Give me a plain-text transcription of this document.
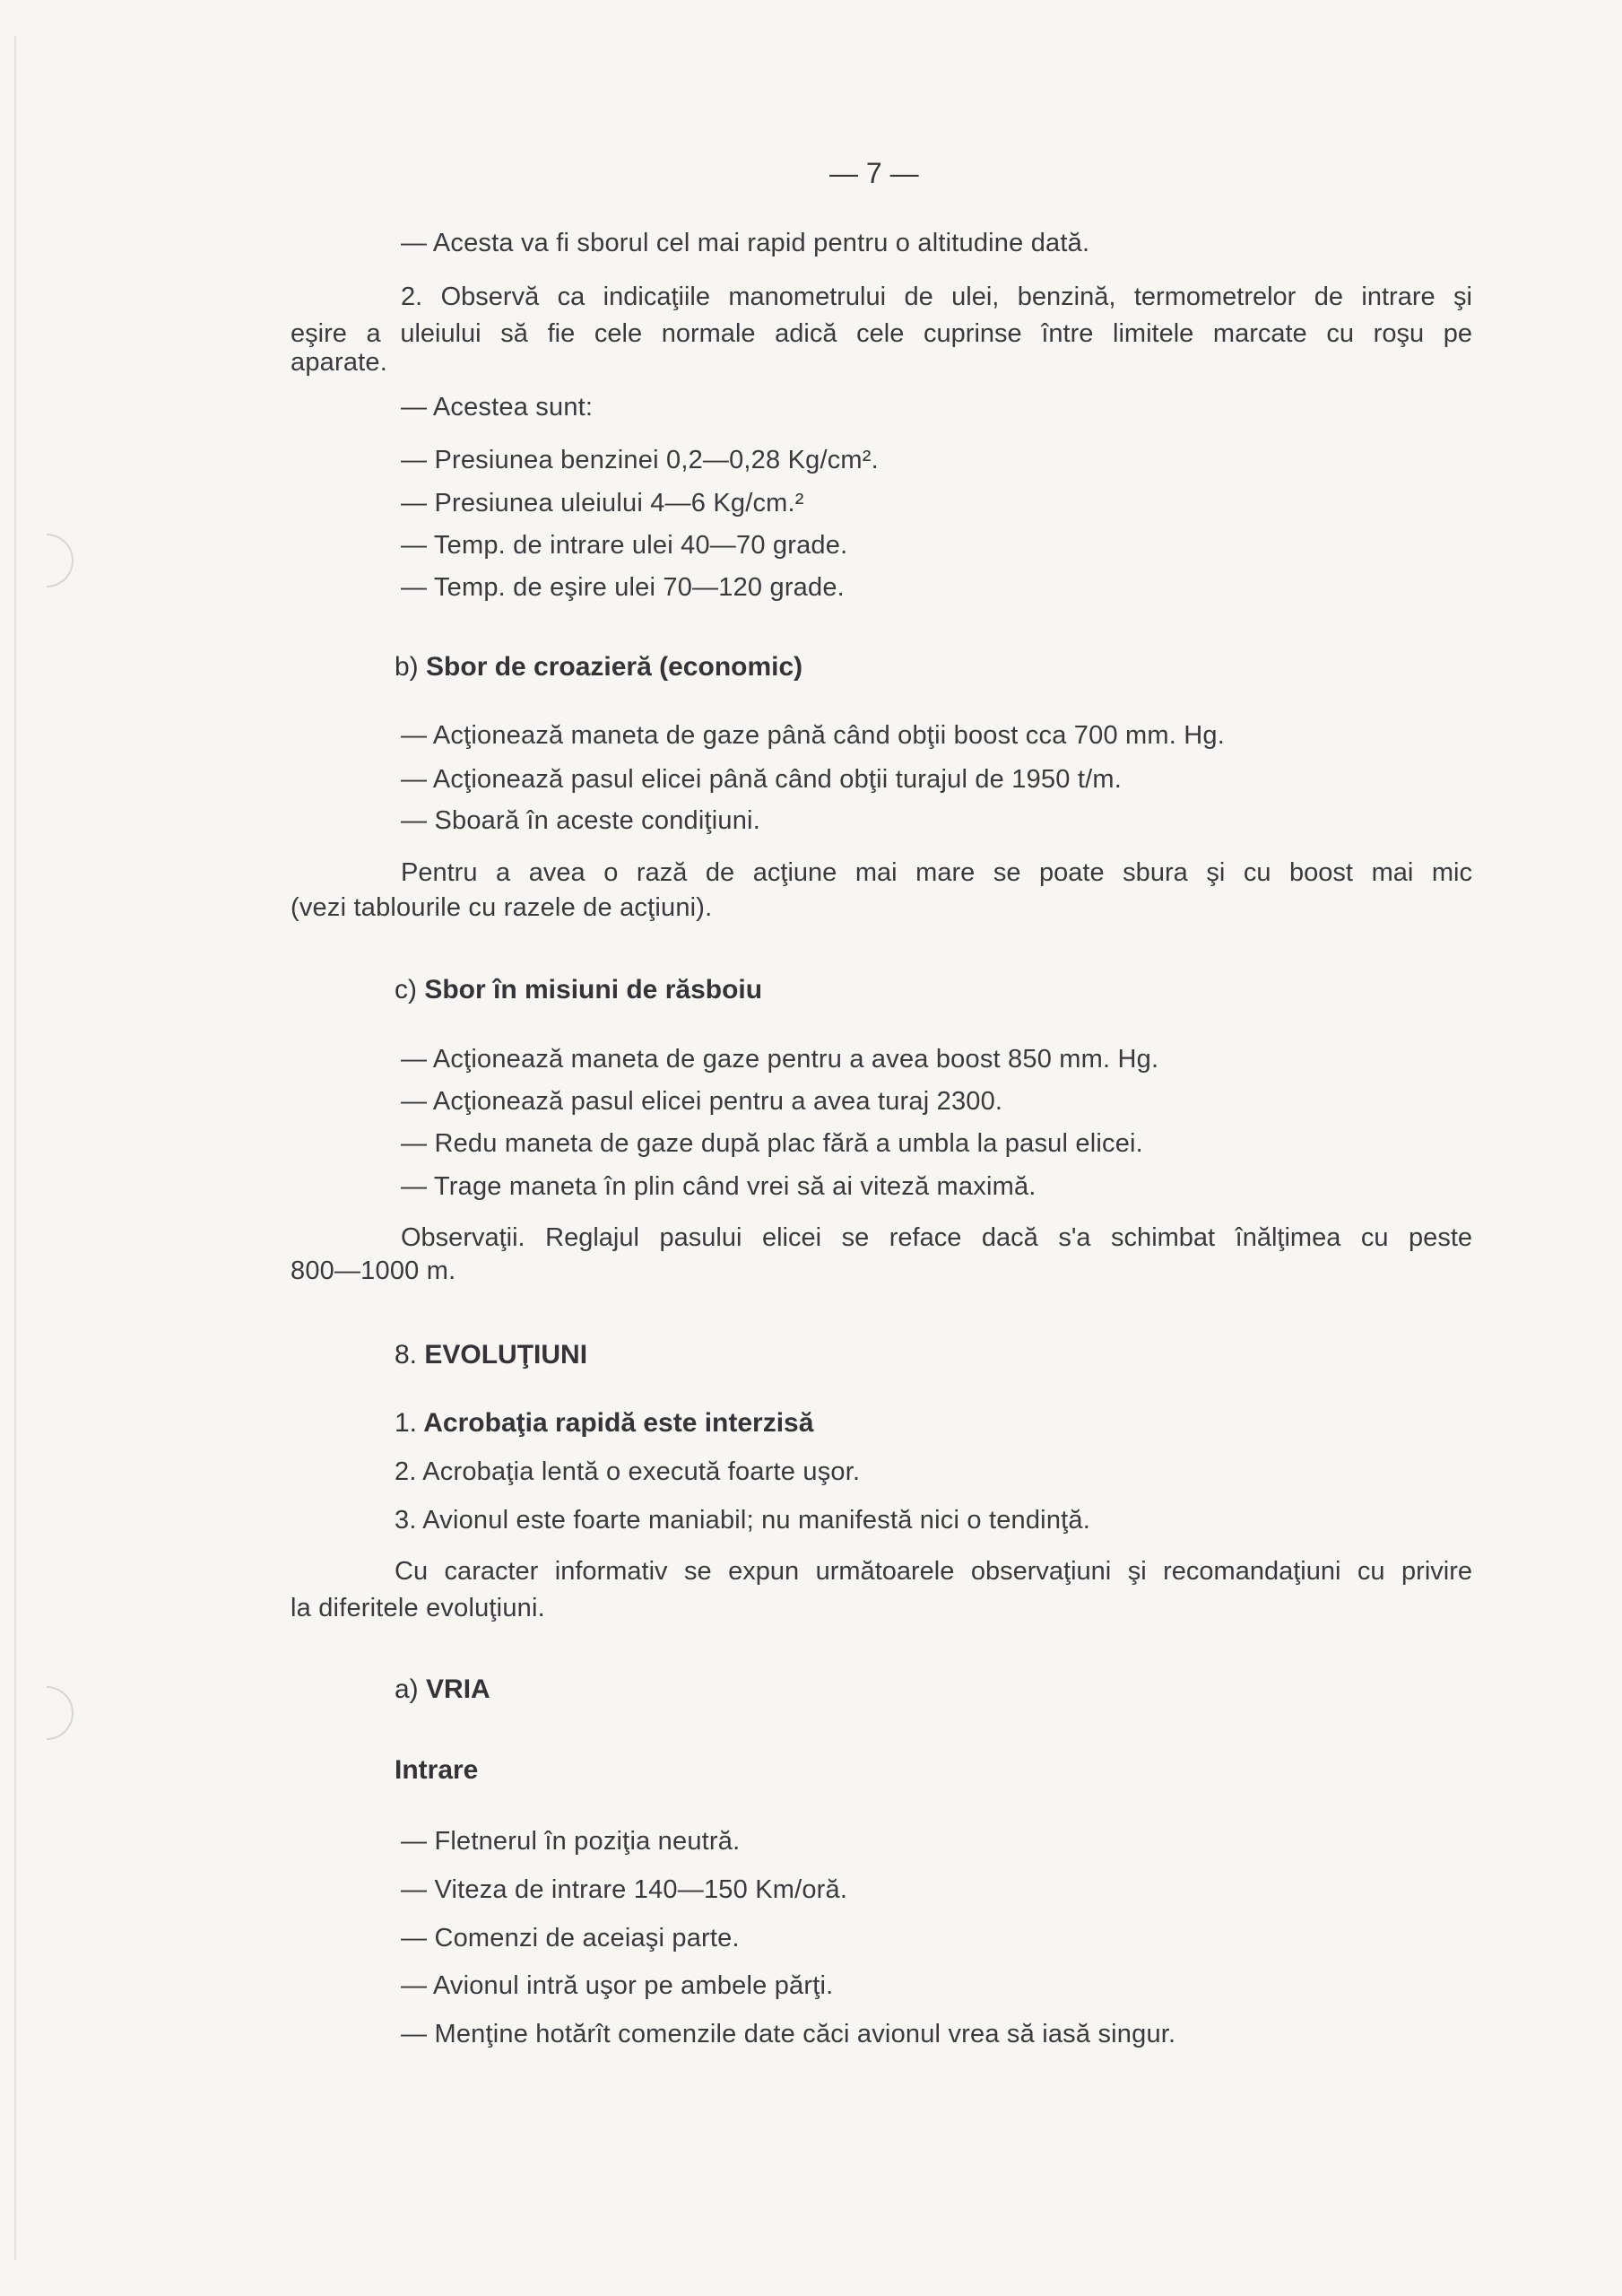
— 7 —
— Acesta va fi sborul cel mai rapid pentru o altitudine dată.
2. Observă ca indicaţiile manometrului de ulei, benzină, termometrelor de intrare şi
eşire a uleiului să fie cele normale adică cele cuprinse între limitele marcate cu roşu pe
aparate.
— Acestea sunt:
— Presiunea benzinei 0,2—0,28 Kg/cm².
— Presiunea uleiului 4—6 Kg/cm.²
— Temp. de intrare ulei 40—70 grade.
— Temp. de eşire ulei 70—120 grade.
b) Sbor de croazieră (economic)
— Acţionează maneta de gaze până când obţii boost cca 700 mm. Hg.
— Acţionează pasul elicei până când obţii turajul de 1950 t/m.
— Sboară în aceste condiţiuni.
Pentru a avea o rază de acţiune mai mare se poate sbura şi cu boost mai mic
(vezi tablourile cu razele de acţiuni).
c) Sbor în misiuni de răsboiu
— Acţionează maneta de gaze pentru a avea boost 850 mm. Hg.
— Acţionează pasul elicei pentru a avea turaj 2300.
— Redu maneta de gaze după plac fără a umbla la pasul elicei.
— Trage maneta în plin când vrei să ai viteză maximă.
Observaţii. Reglajul pasului elicei se reface dacă s'a schimbat înălţimea cu peste
800—1000 m.
8. EVOLUŢIUNI
1. Acrobaţia rapidă este interzisă
2. Acrobaţia lentă o execută foarte uşor.
3. Avionul este foarte maniabil; nu manifestă nici o tendinţă.
Cu caracter informativ se expun următoarele observaţiuni şi recomandaţiuni cu privire
la diferitele evoluţiuni.
a) VRIA
Intrare
— Fletnerul în poziţia neutră.
— Viteza de intrare 140—150 Km/oră.
— Comenzi de aceiaşi parte.
— Avionul intră uşor pe ambele părţi.
— Menţine hotărît comenzile date căci avionul vrea să iasă singur.
